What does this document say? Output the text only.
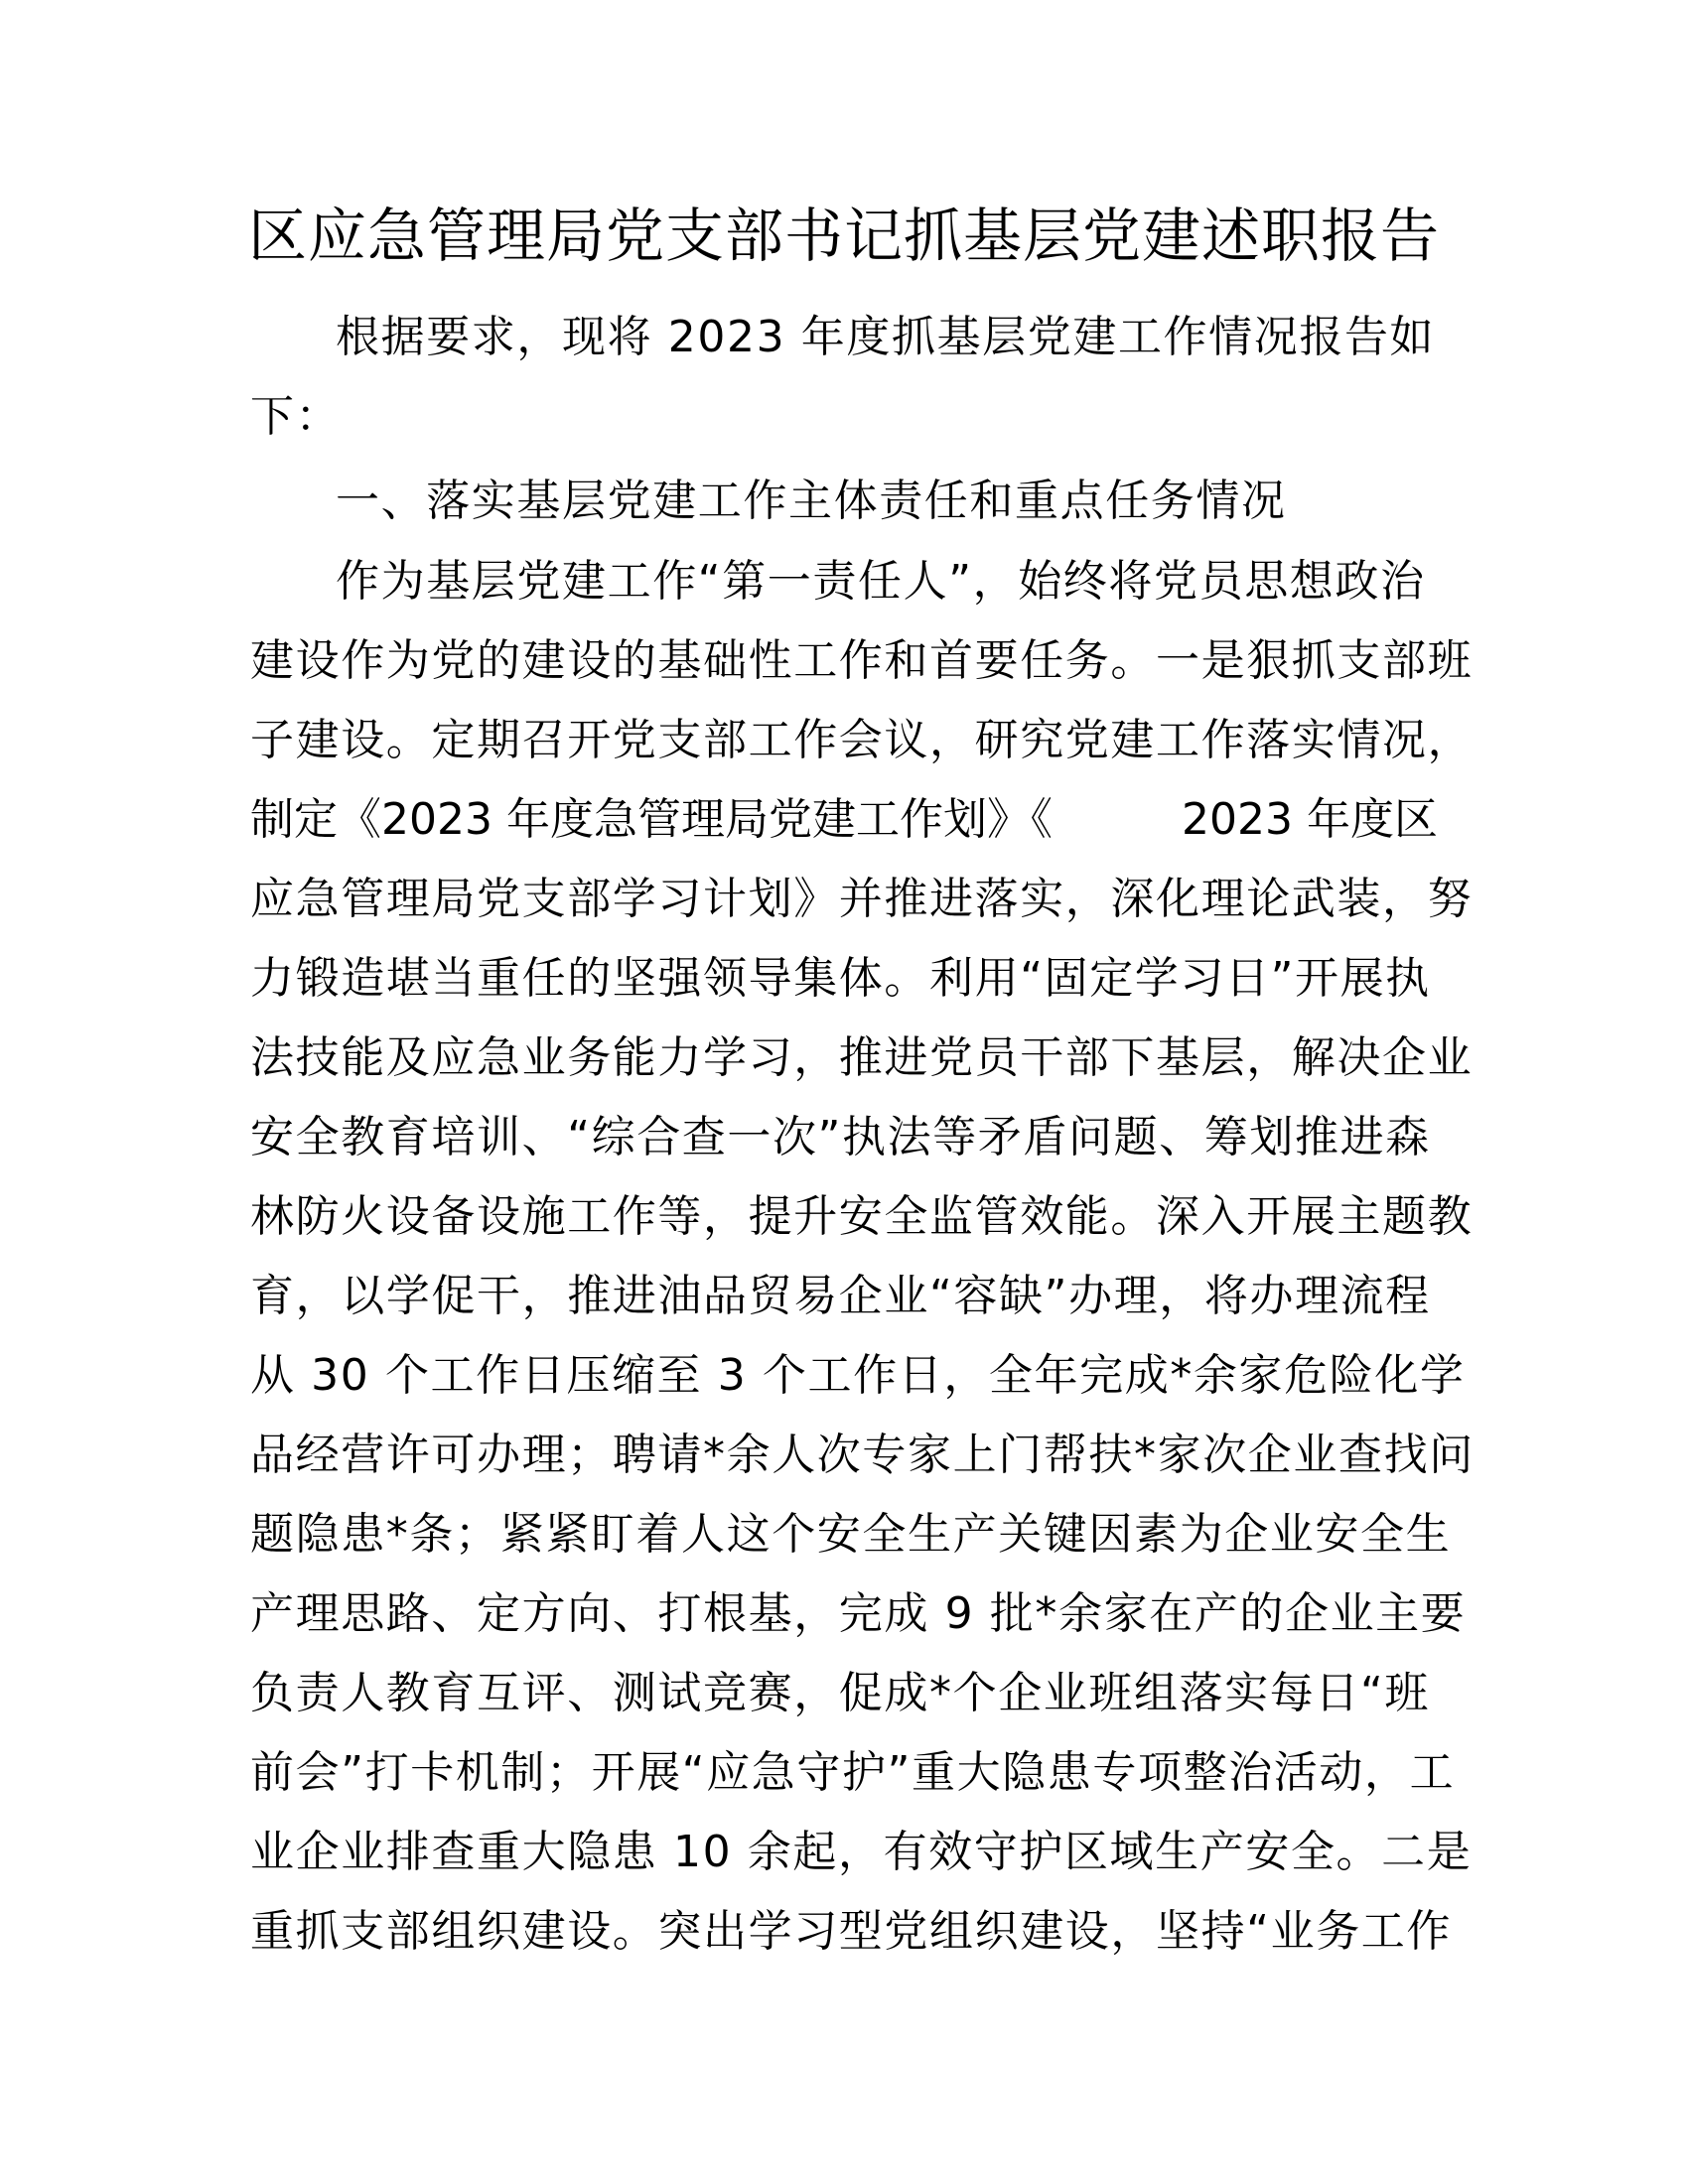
区应急管理局党支部书记抓基层党建述职报告
根据要求，现将 2023 年度抓基层党建工作情况报告如
下：
一、落实基层党建工作主体责任和重点任务情况
作为基层党建工作“第一责任人”，始终将党员思想政治
建设作为党的建设的基础性工作和首要任务。一是狠抓支部班
子建设。定期召开党支部工作会议，研究党建工作落实情况，
制定《2023 年度急管理局党建工作划》《	2023 年度区
应急管理局党支部学习计划》并推进落实，深化理论武装，努
力锻造堪当重任的坚强领导集体。利用“固定学习日”开展执
法技能及应急业务能力学习，推进党员干部下基层，解决企业
安全教育培训、“综合查一次”执法等矛盾问题、筹划推进森
林防火设备设施工作等，提升安全监管效能。深入开展主题教
育，以学促干，推进油品贸易企业“容缺”办理，将办理流程
从 30 个工作日压缩至 3 个工作日，全年完成*余家危险化学
品经营许可办理；聘请*余人次专家上门帮扶*家次企业查找问
题隐患*条；紧紧盯着人这个安全生产关键因素为企业安全生
产理思路、定方向、打根基，完成 9 批*余家在产的企业主要
负责人教育互评、测试竞赛，促成*个企业班组落实每日“班
前会”打卡机制；开展“应急守护”重大隐患专项整治活动，工
业企业排查重大隐患 10 余起，有效守护区域生产安全。二是
重抓支部组织建设。突出学习型党组织建设，坚持“业务工作
